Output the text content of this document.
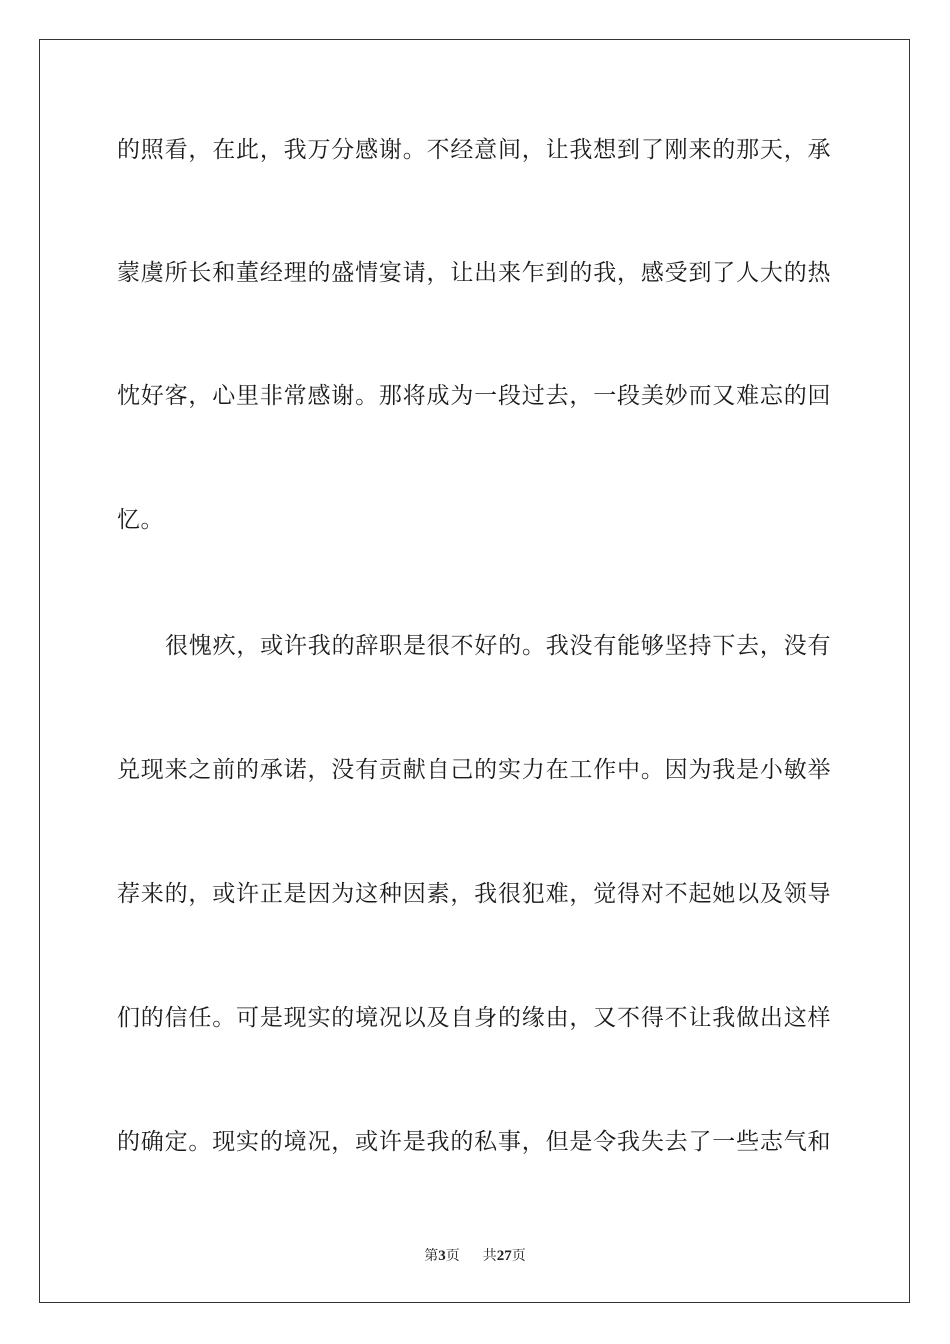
的照看，在此，我万分感谢。不经意间，让我想到了刚来的那天，承
蒙虞所长和董经理的盛情宴请，让出来乍到的我，感受到了人大的热
忱好客，心里非常感谢。那将成为一段过去，一段美妙而又难忘的回
忆。
很愧疚，或许我的辞职是很不好的。我没有能够坚持下去，没有
兑现来之前的承诺，没有贡献自己的实力在工作中。因为我是小敏举
荐来的，或许正是因为这种因素，我很犯难，觉得对不起她以及领导
们的信任。可是现实的境况以及自身的缘由，又不得不让我做出这样
的确定。现实的境况，或许是我的私事，但是令我失去了一些志气和
第3页 共27页
